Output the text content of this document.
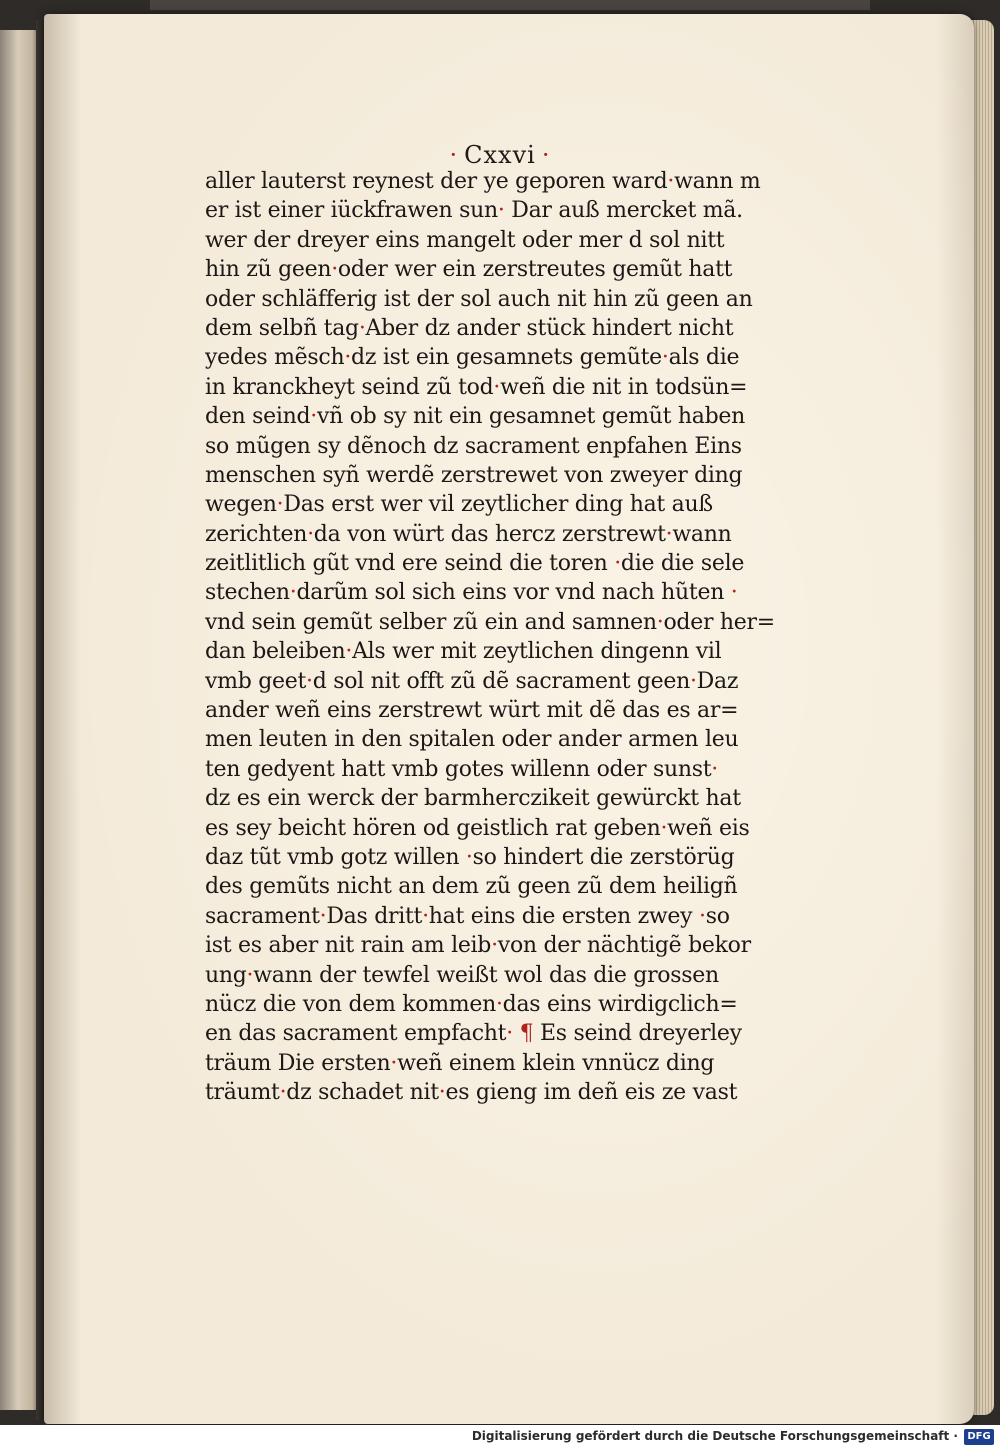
· Cxxvi ·
aller lauterst reynest der ye geporen ward·wann m
er ist einer iückfrawen sun· Dar auß mercket mã.
wer der dreyer eins mangelt oder mer d sol nitt
hin zũ geen·oder wer ein zerstreutes gemũt hatt
oder schläfferig ist der sol auch nit hin zũ geen an
dem selbñ tag·Aber dz ander stück hindert nicht
yedes mẽsch·dz ist ein gesamnets gemũte·als die
in kranckheyt seind zũ tod·weñ die nit in todsün=
den seind·vñ ob sy nit ein gesamnet gemũt haben
so mũgen sy dẽnoch dz sacrament enpfahen Eins
menschen syñ werdẽ zerstrewet von zweyer ding
wegen·Das erst wer vil zeytlicher ding hat auß
zerichten·da von würt das hercz zerstrewt·wann
zeitlitlich gũt vnd ere seind die toren ·die die sele
stechen·darũm sol sich eins vor vnd nach hũten ·
vnd sein gemũt selber zũ ein and samnen·oder her=
dan beleiben·Als wer mit zeytlichen dingenn vil
vmb geet·d sol nit offt zũ dẽ sacrament geen·Daz
ander weñ eins zerstrewt würt mit dẽ das es ar=
men leuten in den spitalen oder ander armen leu
ten gedyent hatt vmb gotes willenn oder sunst·
dz es ein werck der barmherczikeit gewürckt hat
es sey beicht hören od geistlich rat geben·weñ eis
daz tũt vmb gotz willen ·so hindert die zerstörüg
des gemũts nicht an dem zũ geen zũ dem heiligñ
sacrament·Das dritt·hat eins die ersten zwey ·so
ist es aber nit rain am leib·von der nächtigẽ bekor
ung·wann der tewfel weißt wol das die grossen
nücz die von dem kommen·das eins wirdigclich=
en das sacrament empfacht· ¶ Es seind dreyerley
träum Die ersten·weñ einem klein vnnücz ding
träumt·dz schadet nit·es gieng im deñ eis ze vast
Digitalisierung gefördert durch die Deutsche Forschungsgemeinschaft · DFG
